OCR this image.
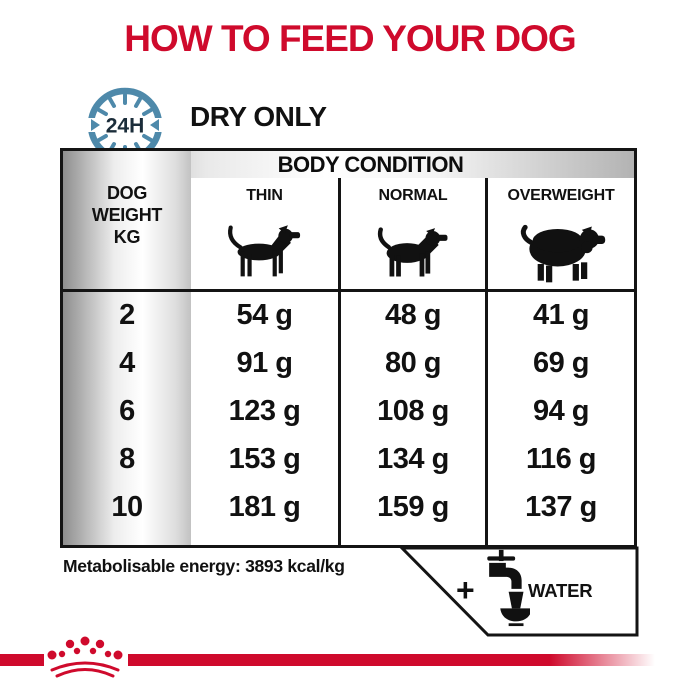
HOW TO FEED YOUR DOG
24H DRY ONLY
BODY CONDITION
DOG
WEIGHT
KG
THIN	NORMAL	OVERWEIGHT
2	54 g	48 g	41 g
4	91 g	80 g	69 g
6	123 g	108 g	94 g
8	153 g	134 g	116 g
10	181 g	159 g	137 g
Metabolisable energy: 3893 kcal/kg
+	WATER
